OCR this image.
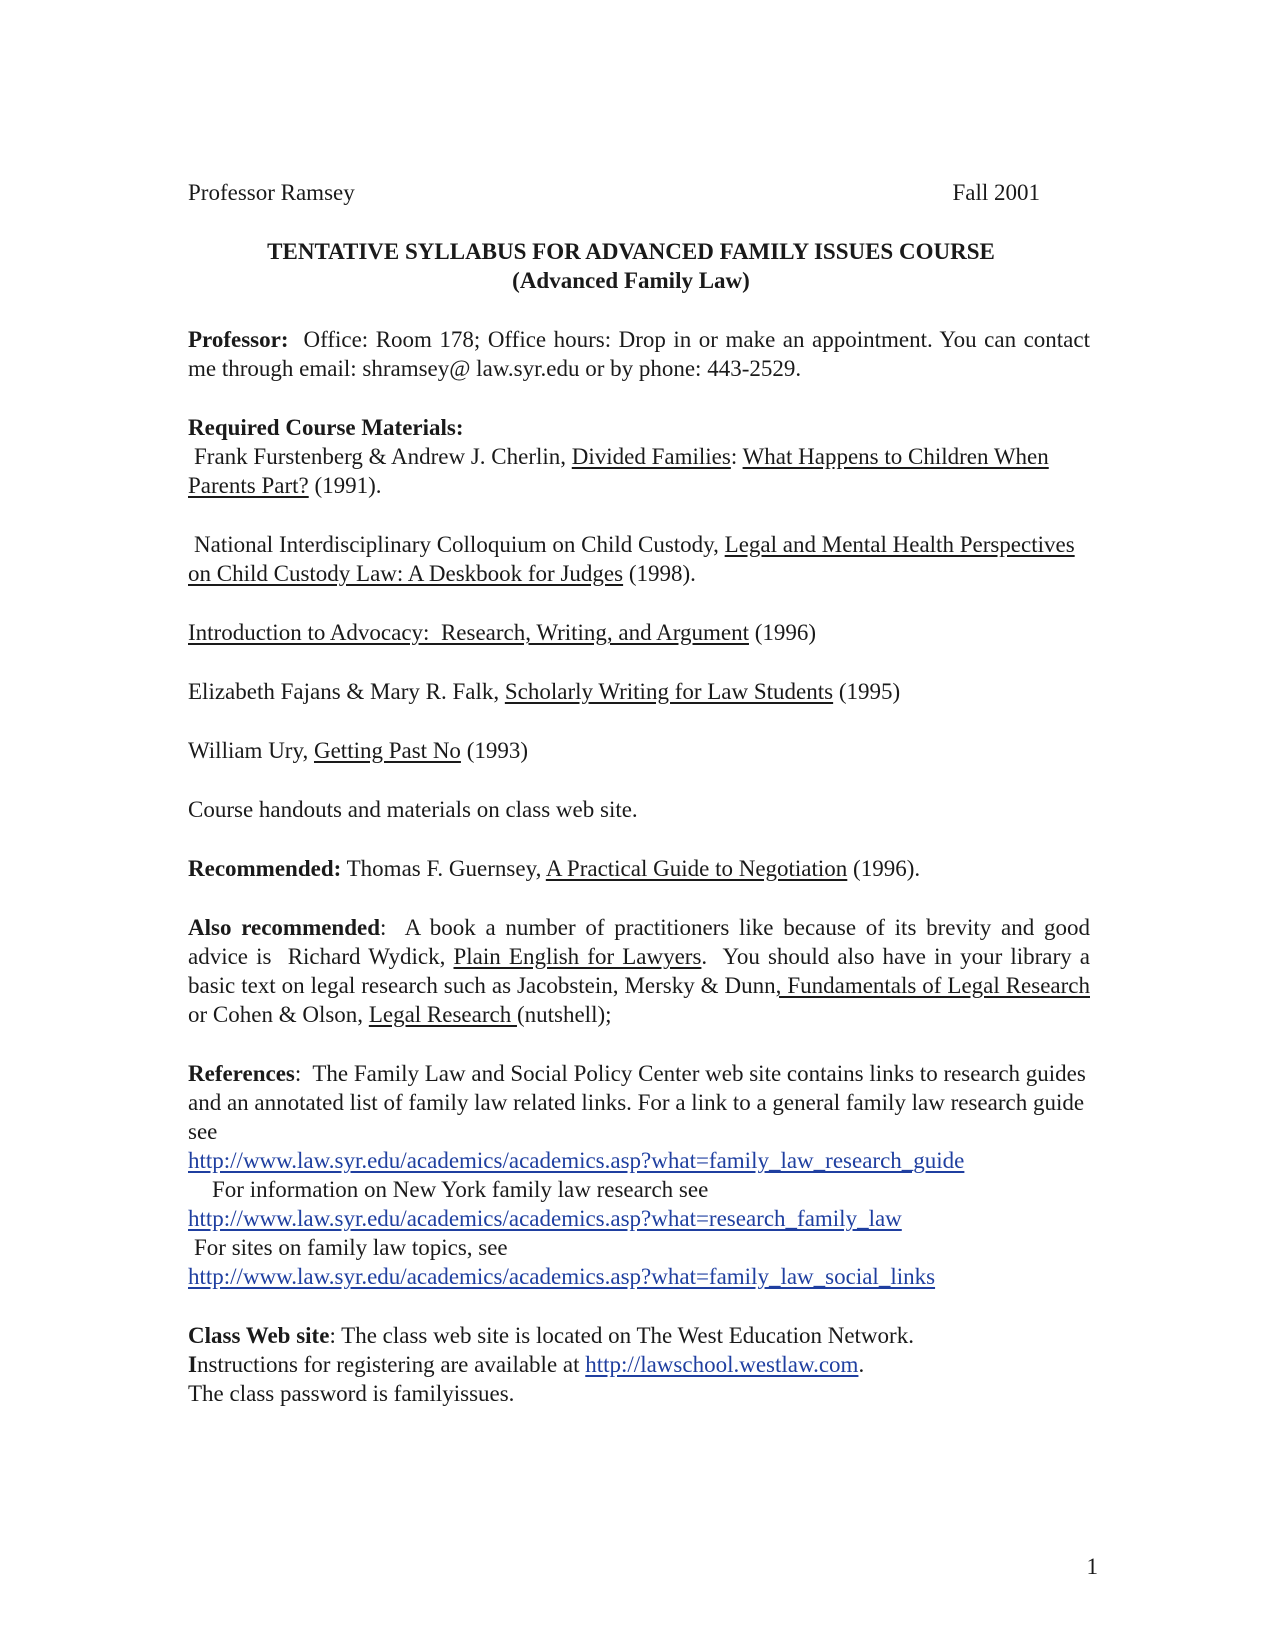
Professor Ramsey	Fall 2001
TENTATIVE SYLLABUS FOR ADVANCED FAMILY ISSUES COURSE
(Advanced Family Law)
Professor:  Office: Room 178; Office hours: Drop in or make an appointment. You can contact me through email: shramsey@ law.syr.edu or by phone: 443-2529.
Required Course Materials:
Frank Furstenberg & Andrew J. Cherlin, Divided Families: What Happens to Children When Parents Part? (1991).
National Interdisciplinary Colloquium on Child Custody, Legal and Mental Health Perspectives on Child Custody Law: A Deskbook for Judges (1998).
Introduction to Advocacy:  Research, Writing, and Argument (1996)
Elizabeth Fajans & Mary R. Falk, Scholarly Writing for Law Students (1995)
William Ury, Getting Past No (1993)
Course handouts and materials on class web site.
Recommended: Thomas F. Guernsey, A Practical Guide to Negotiation (1996).
Also recommended:  A book a number of practitioners like because of its brevity and good advice is  Richard Wydick, Plain English for Lawyers.  You should also have in your library a basic text on legal research such as Jacobstein, Mersky & Dunn, Fundamentals of Legal Research or Cohen & Olson, Legal Research (nutshell);
References:  The Family Law and Social Policy Center web site contains links to research guides and an annotated list of family law related links. For a link to a general family law research guide see
http://www.law.syr.edu/academics/academics.asp?what=family_law_research_guide
For information on New York family law research see
http://www.law.syr.edu/academics/academics.asp?what=research_family_law
For sites on family law topics, see
http://www.law.syr.edu/academics/academics.asp?what=family_law_social_links
Class Web site: The class web site is located on The West Education Network.
Instructions for registering are available at http://lawschool.westlaw.com.
The class password is familyissues.
1
